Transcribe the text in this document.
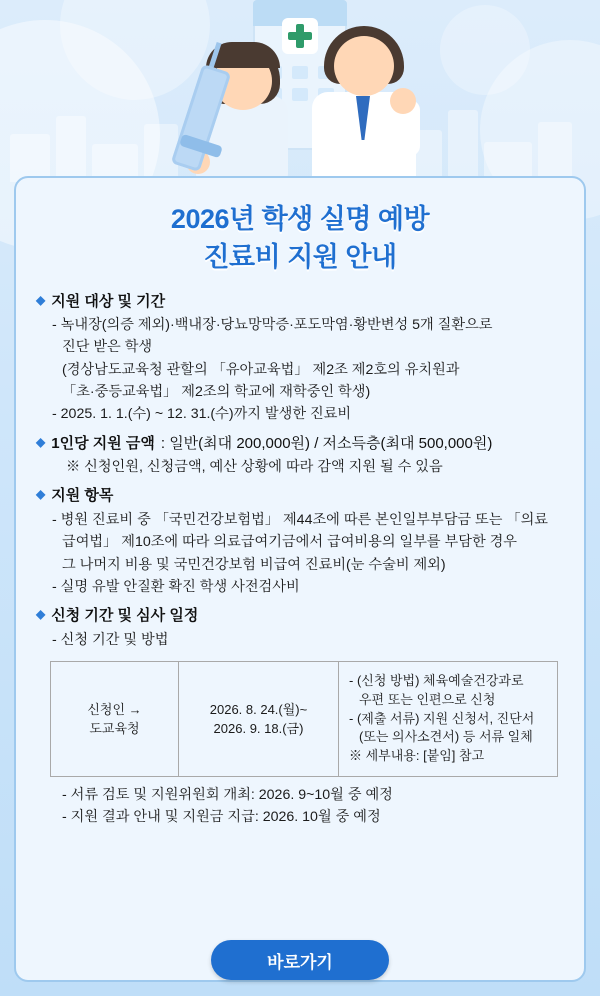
2026년 학생 실명 예방
진료비 지원 안내
◆ 지원 대상 및 기간
- 녹내장(의증 제외)·백내장·당뇨망막증·포도막염·황반변성 5개 질환으로
진단 받은 학생
(경상남도교육청 관할의 「유아교육법」 제2조 제2호의 유치원과
「초·중등교육법」 제2조의 학교에 재학중인 학생)
- 2025. 1. 1.(수) ~ 12. 31.(수)까지 발생한 진료비
◆ 1인당 지원 금액 : 일반(최대 200,000원) / 저소득층(최대 500,000원)
※ 신청인원, 신청금액, 예산 상황에 따라 감액 지원 될 수 있음
◆ 지원 항목
- 병원 진료비 중 「국민건강보험법」 제44조에 따른 본인일부부담금 또는 「의료
급여법」 제10조에 따라 의료급여기금에서 급여비용의 일부를 부담한 경우
그 나머지 비용 및 국민건강보험 비급여 진료비(눈 수술비 제외)
- 실명 유발 안질환 확진 학생 사전검사비
◆ 신청 기간 및 심사 일정
- 신청 기간 및 방법
신청인 →
도교육청
2026. 8. 24.(월)~
2026. 9. 18.(금)
- (신청 방법) 체육예술건강과로
우편 또는 인편으로 신청
- (제출 서류) 지원 신청서, 진단서
(또는 의사소견서) 등 서류 일체
※ 세부내용: [붙임] 참고
- 서류 검토 및 지원위원회 개최: 2026. 9~10월 중 예정
- 지원 결과 안내 및 지원금 지급: 2026. 10월 중 예정
바로가기
